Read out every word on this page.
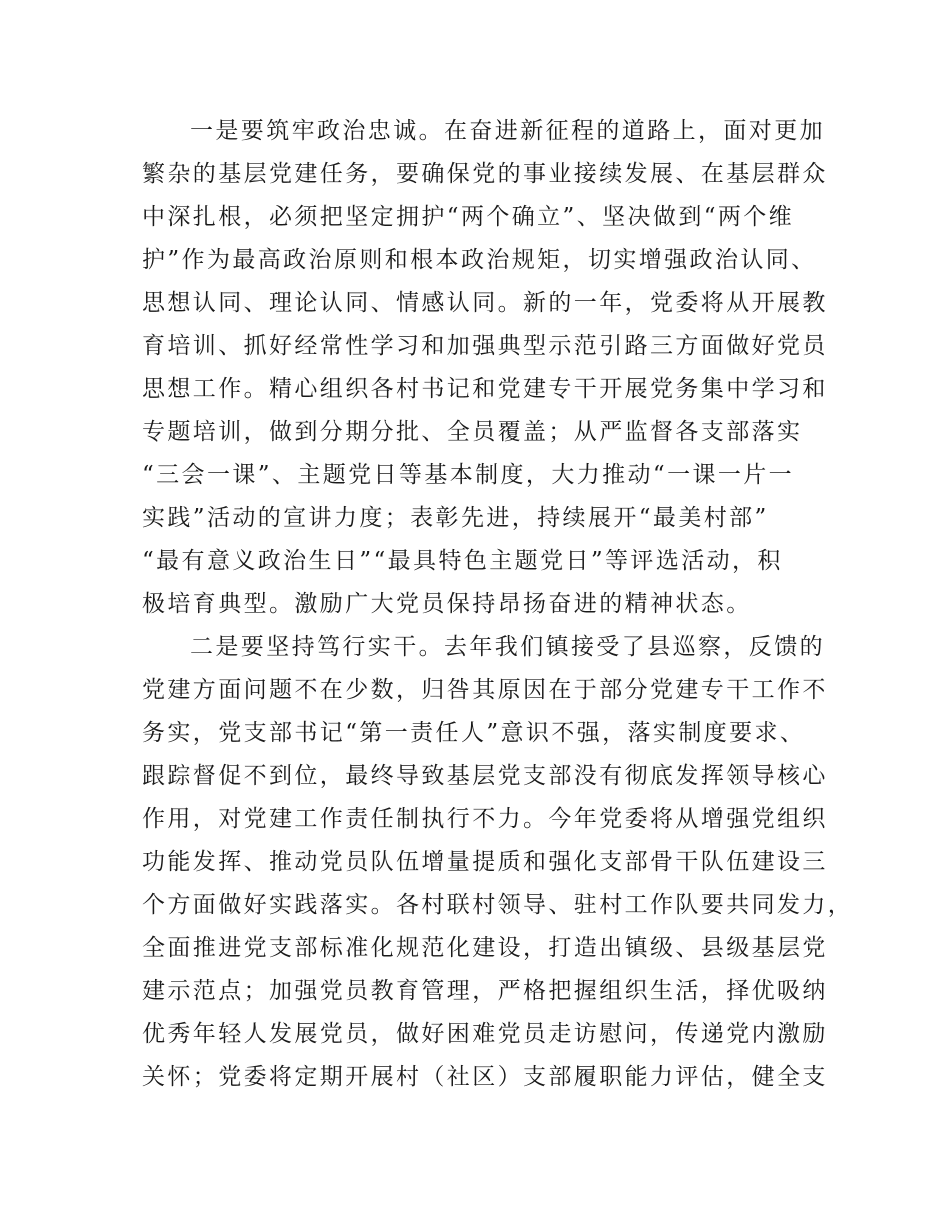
一是要筑牢政治忠诚。在奋进新征程的道路上，面对更加
繁杂的基层党建任务，要确保党的事业接续发展、在基层群众
中深扎根，必须把坚定拥护“两个确立”、坚决做到“两个维
护”作为最高政治原则和根本政治规矩，切实增强政治认同、
思想认同、理论认同、情感认同。新的一年，党委将从开展教
育培训、抓好经常性学习和加强典型示范引路三方面做好党员
思想工作。精心组织各村书记和党建专干开展党务集中学习和
专题培训，做到分期分批、全员覆盖；从严监督各支部落实
“三会一课”、主题党日等基本制度，大力推动“一课一片一
实践”活动的宣讲力度；表彰先进，持续展开“最美村部”
“最有意义政治生日”“最具特色主题党日”等评选活动，积
极培育典型。激励广大党员保持昂扬奋进的精神状态。
二是要坚持笃行实干。去年我们镇接受了县巡察，反馈的
党建方面问题不在少数，归咎其原因在于部分党建专干工作不
务实，党支部书记“第一责任人”意识不强，落实制度要求、
跟踪督促不到位，最终导致基层党支部没有彻底发挥领导核心
作用，对党建工作责任制执行不力。今年党委将从增强党组织
功能发挥、推动党员队伍增量提质和强化支部骨干队伍建设三
个方面做好实践落实。各村联村领导、驻村工作队要共同发力，
全面推进党支部标准化规范化建设，打造出镇级、县级基层党
建示范点；加强党员教育管理，严格把握组织生活，择优吸纳
优秀年轻人发展党员，做好困难党员走访慰问，传递党内激励
关怀；党委将定期开展村（社区）支部履职能力评估，健全支
